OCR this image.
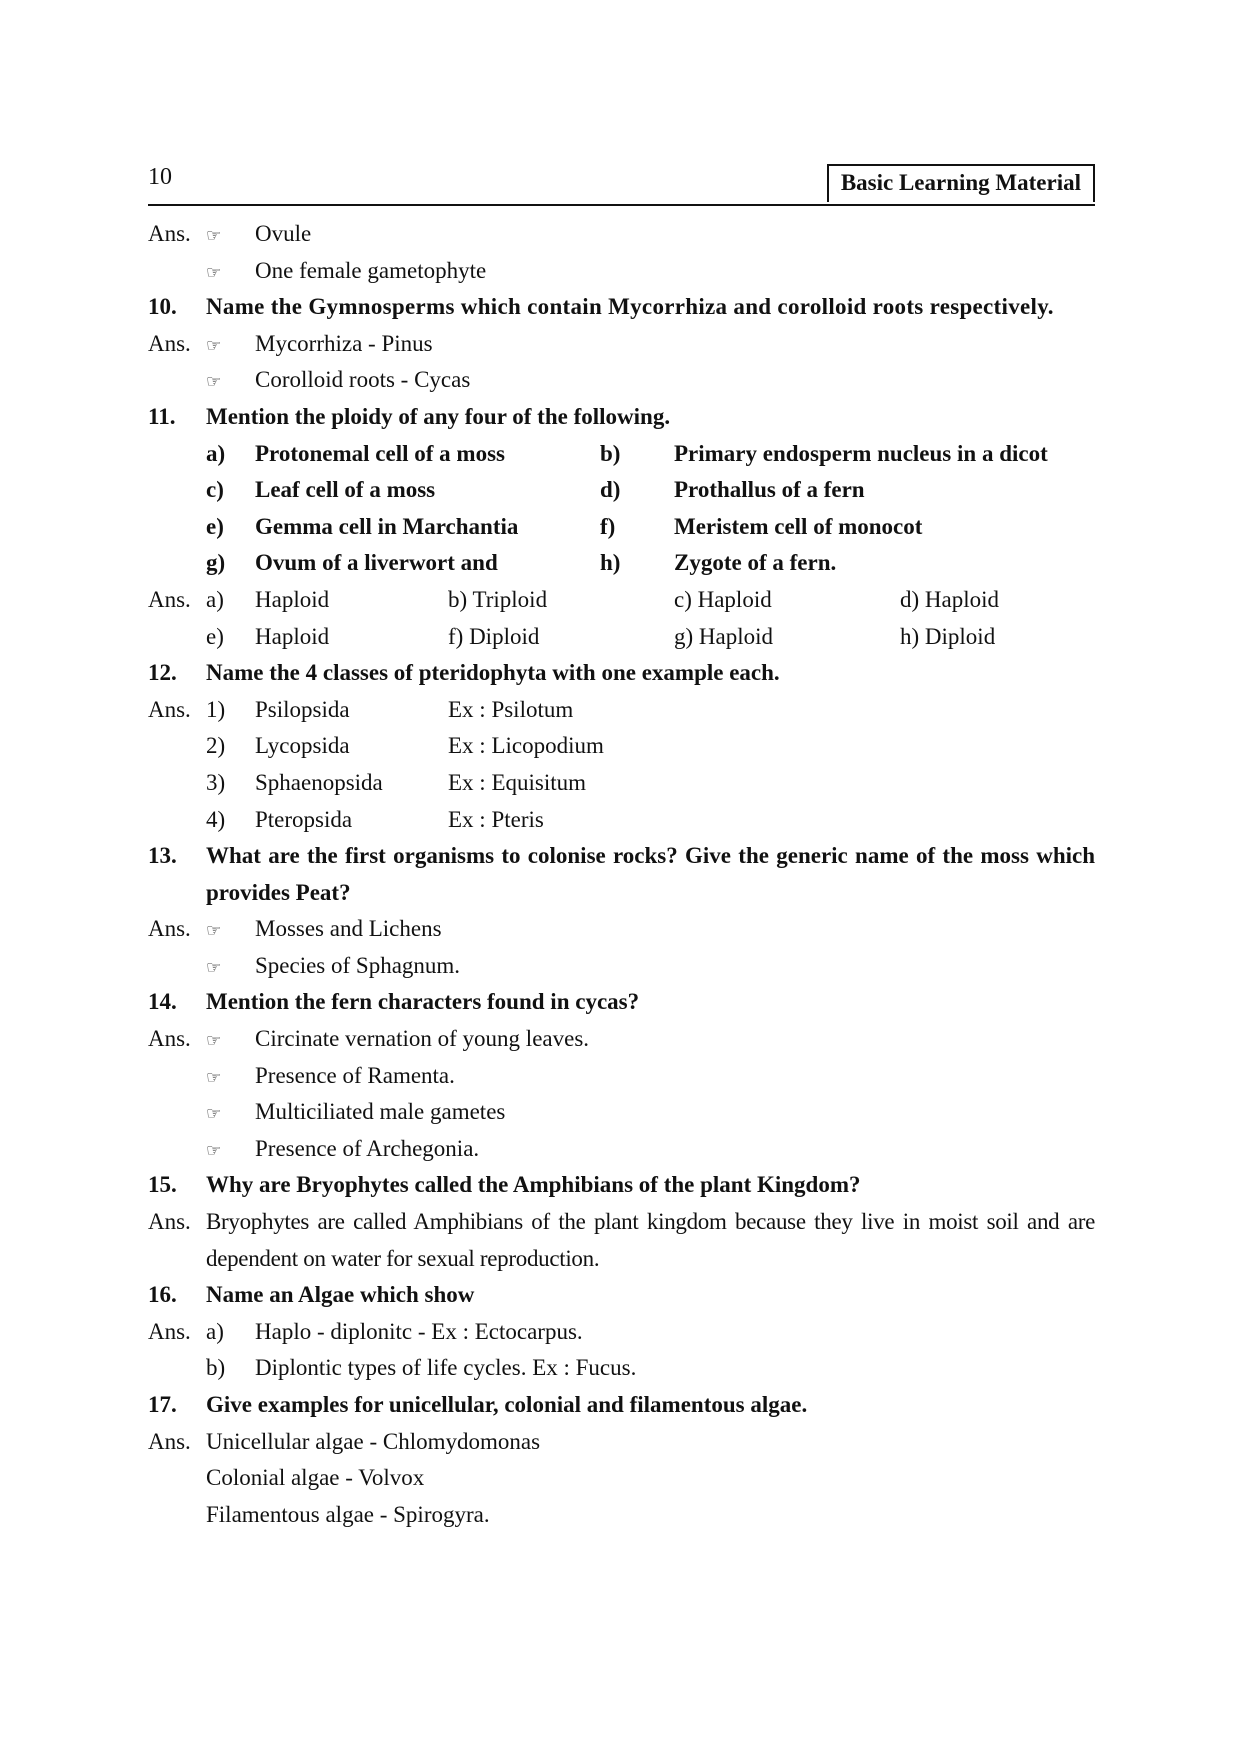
10	Basic Learning Material
Ans. ☞ Ovule
☞ One female gametophyte
10. Name the Gymnosperms which contain Mycorrhiza and corolloid roots respectively.
Ans. ☞ Mycorrhiza - Pinus
☞ Corolloid roots - Cycas
11. Mention the ploidy of any four of the following.
a) Protonemal cell of a moss	b) Primary endosperm nucleus in a dicot
c) Leaf cell of a moss	d) Prothallus of a fern
e) Gemma cell in Marchantia	f)	Meristem cell of monocot
g) Ovum of a liverwort and	h) Zygote of a fern.
Ans. a) Haploid	b) Triploid	c) Haploid	d) Haploid
e) Haploid	f) Diploid	g) Haploid	h) Diploid
12. Name the 4 classes of pteridophyta with one example each.
Ans. 1) Psilopsida	Ex : Psilotum
2) Lycopsida	Ex : Licopodium
3) Sphaenopsida	Ex : Equisitum
4) Pteropsida	Ex : Pteris
13. What are the first organisms to colonise rocks? Give the generic name of the moss which provides Peat?
Ans. ☞ Mosses and Lichens
☞ Species of Sphagnum.
14. Mention the fern characters found in cycas?
Ans. ☞ Circinate vernation of young leaves.
☞ Presence of Ramenta.
☞ Multiciliated male gametes
☞ Presence of Archegonia.
15. Why are Bryophytes called the Amphibians of the plant Kingdom?
Ans. Bryophytes are called Amphibians of the plant kingdom because they live in moist soil and are dependent on water for sexual reproduction.
16. Name an Algae which show
Ans. a) Haplo - diplonitc - Ex : Ectocarpus.
b) Diplontic types of life cycles. Ex : Fucus.
17. Give examples for unicellular, colonial and filamentous algae.
Ans. Unicellular algae - Chlomydomonas
Colonial algae - Volvox
Filamentous algae - Spirogyra.
